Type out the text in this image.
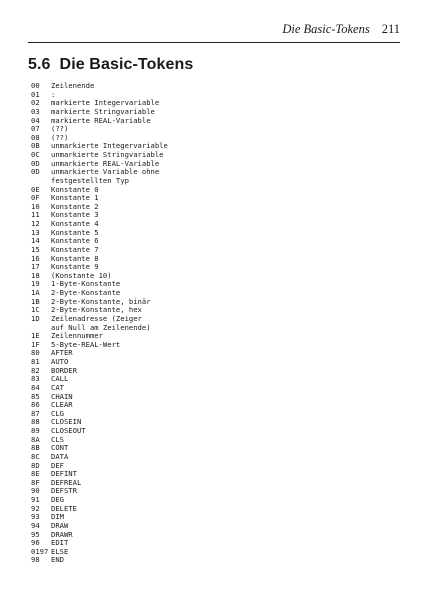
Die Basic-Tokens 211
5.6 Die Basic-Tokens
00	Zeilenende
01	:
02	markierte Integervariable
03	markierte Stringvariable
04	markierte REAL-Variable
07	(??)
08	(??)
0B	unmarkierte Integervariable
0C	unmarkierte Stringvariable
0D	unmarkierte REAL-Variable
0D	unmarkierte Variable ohne
festgestellten Typ
0E	Konstante 0
0F	Konstante 1
10	Konstante 2
11	Konstante 3
12	Konstante 4
13	Konstante 5
14	Konstante 6
15	Konstante 7
16	Konstante 8
17	Konstante 9
18	(Konstante 10)
19	1-Byte-Konstante
1A	2-Byte-Konstante
1B	2-Byte-Konstante, binär
1C	2-Byte-Konstante, hex
1D	Zeilenadresse (Zeiger
auf Null am Zeilenende)
1E	Zeilennummer
1F	5-Byte-REAL-Wert
80	AFTER
81	AUTO
82	BORDER
83	CALL
84	CAT
85	CHAIN
86	CLEAR
87	CLG
88	CLOSEIN
89	CLOSEOUT
8A	CLS
8B	CONT
8C	DATA
8D	DEF
8E	DEFINT
8F	DEFREAL
90	DEFSTR
91	DEG
92	DELETE
93	DIM
94	DRAW
95	DRAWR
96	EDIT
0197 ELSE
98	END
